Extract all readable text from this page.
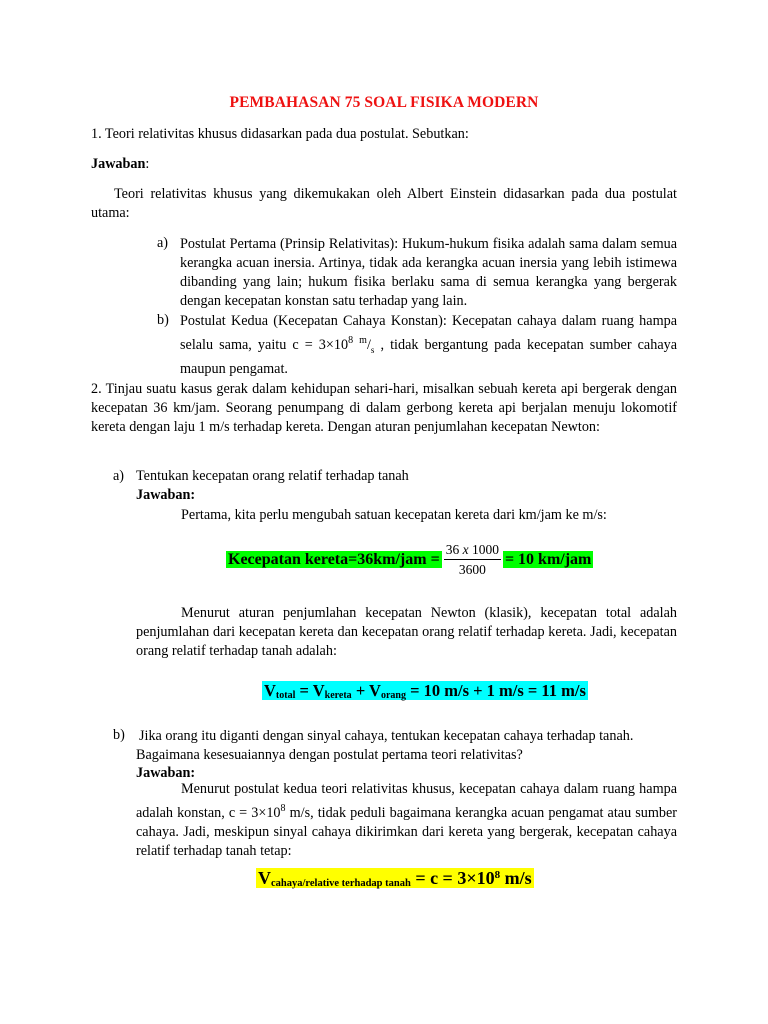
PEMBAHASAN 75 SOAL FISIKA MODERN
1. Teori relativitas khusus didasarkan pada dua postulat. Sebutkan:
Jawaban:
Teori relativitas khusus yang dikemukakan oleh Albert Einstein didasarkan pada dua postulat utama:
a) Postulat Pertama (Prinsip Relativitas): Hukum-hukum fisika adalah sama dalam semua kerangka acuan inersia. Artinya, tidak ada kerangka acuan inersia yang lebih istimewa dibanding yang lain; hukum fisika berlaku sama di semua kerangka yang bergerak dengan kecepatan konstan satu terhadap yang lain.
b) Postulat Kedua (Kecepatan Cahaya Konstan): Kecepatan cahaya dalam ruang hampa selalu sama, yaitu $c = 3\times 10^8$ $^m/_s$ , tidak bergantung pada kecepatan sumber cahaya maupun pengamat.
2. Tinjau suatu kasus gerak dalam kehidupan sehari-hari, misalkan sebuah kereta api bergerak dengan kecepatan 36 km/jam. Seorang penumpang di dalam gerbong kereta api berjalan menuju lokomotif kereta dengan laju 1 m/s terhadap kereta. Dengan aturan penjumlahan kecepatan Newton:
a) Tentukan kecepatan orang relatif terhadap tanah
Jawaban:
Pertama, kita perlu mengubah satuan kecepatan kereta dari km/jam ke m/s:
Kecepatan kereta=36km/jam = $\frac{36 x 1000}{3600} = 10$ km/jam
Menurut aturan penjumlahan kecepatan Newton (klasik), kecepatan total adalah penjumlahan dari kecepatan kereta dan kecepatan orang relatif terhadap kereta. Jadi, kecepatan orang relatif terhadap tanah adalah:
$V_{total} = V_{kereta} + V_{orang} = 10$ m/s + 1 m/s = 11 m/s
b) Jika orang itu diganti dengan sinyal cahaya, tentukan kecepatan cahaya terhadap tanah. Bagaimana kesesuaiannya dengan postulat pertama teori relativitas?
Jawaban:
Menurut postulat kedua teori relativitas khusus, kecepatan cahaya dalam ruang hampa adalah konstan, $c = 3\times 10^8$ m/s, tidak peduli bagaimana kerangka acuan pengamat atau sumber cahaya. Jadi, meskipun sinyal cahaya dikirimkan dari kereta yang bergerak, kecepatan cahaya relatif terhadap tanah tetap:
$V_{cahaya/relative terhadap tanah} = c = 3\times 10^8$ m/s
